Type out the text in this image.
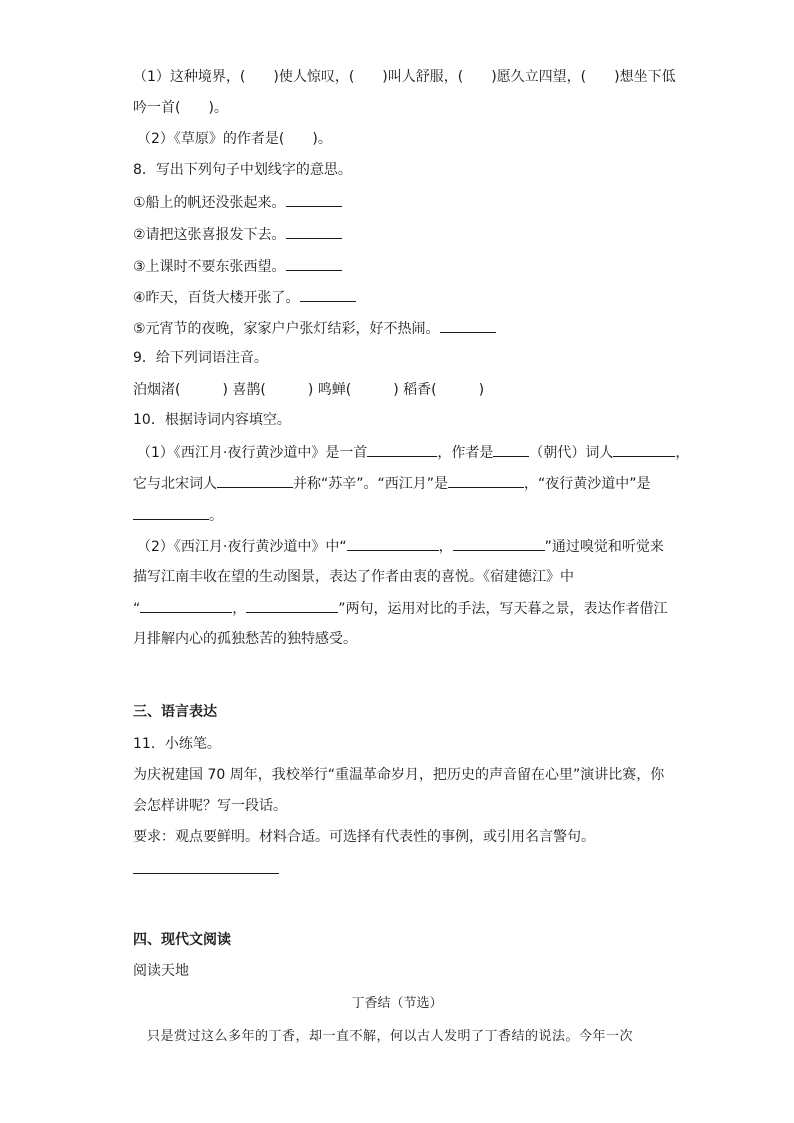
（1）这种境界，(　　)使人惊叹，(　　)叫人舒服，(　　)愿久立四望，(　　)想坐下低
吟一首(　　)。
（2）《草原》的作者是(　　)。
8．写出下列句子中划线字的意思。
①船上的帆还没张起来。
②请把这张喜报发下去。
③上课时不要东张西望。
④昨天，百货大楼开张了。
⑤元宵节的夜晚，家家户户张灯结彩，好不热闹。
9．给下列词语注音。
泊烟渚(　　　) 喜鹊(　　　) 鸣蝉(　　　) 稻香(　　　)
10．根据诗词内容填空。
（1）《西江月·夜行黄沙道中》是一首	，作者是	（朝代）词人	，
它与北宋词人	并称“苏辛”。“西江月”是	，“夜行黄沙道中”是
。
（2）《西江月·夜行黄沙道中》中“	，	”通过嗅觉和听觉来
描写江南丰收在望的生动图景，表达了作者由衷的喜悦。《宿建德江》中
“	，	”两句，运用对比的手法，写天暮之景，表达作者借江
月排解内心的孤独愁苦的独特感受。
三、语言表达
11．小练笔。
为庆祝建国 70 周年，我校举行“重温革命岁月，把历史的声音留在心里”演讲比赛，你
会怎样讲呢？写一段话。
要求：观点要鲜明。材料合适。可选择有代表性的事例，或引用名言警句。
四、现代文阅读
阅读天地
丁香结（节选）
只是赏过这么多年的丁香，却一直不解，何以古人发明了丁香结的说法。今年一次
